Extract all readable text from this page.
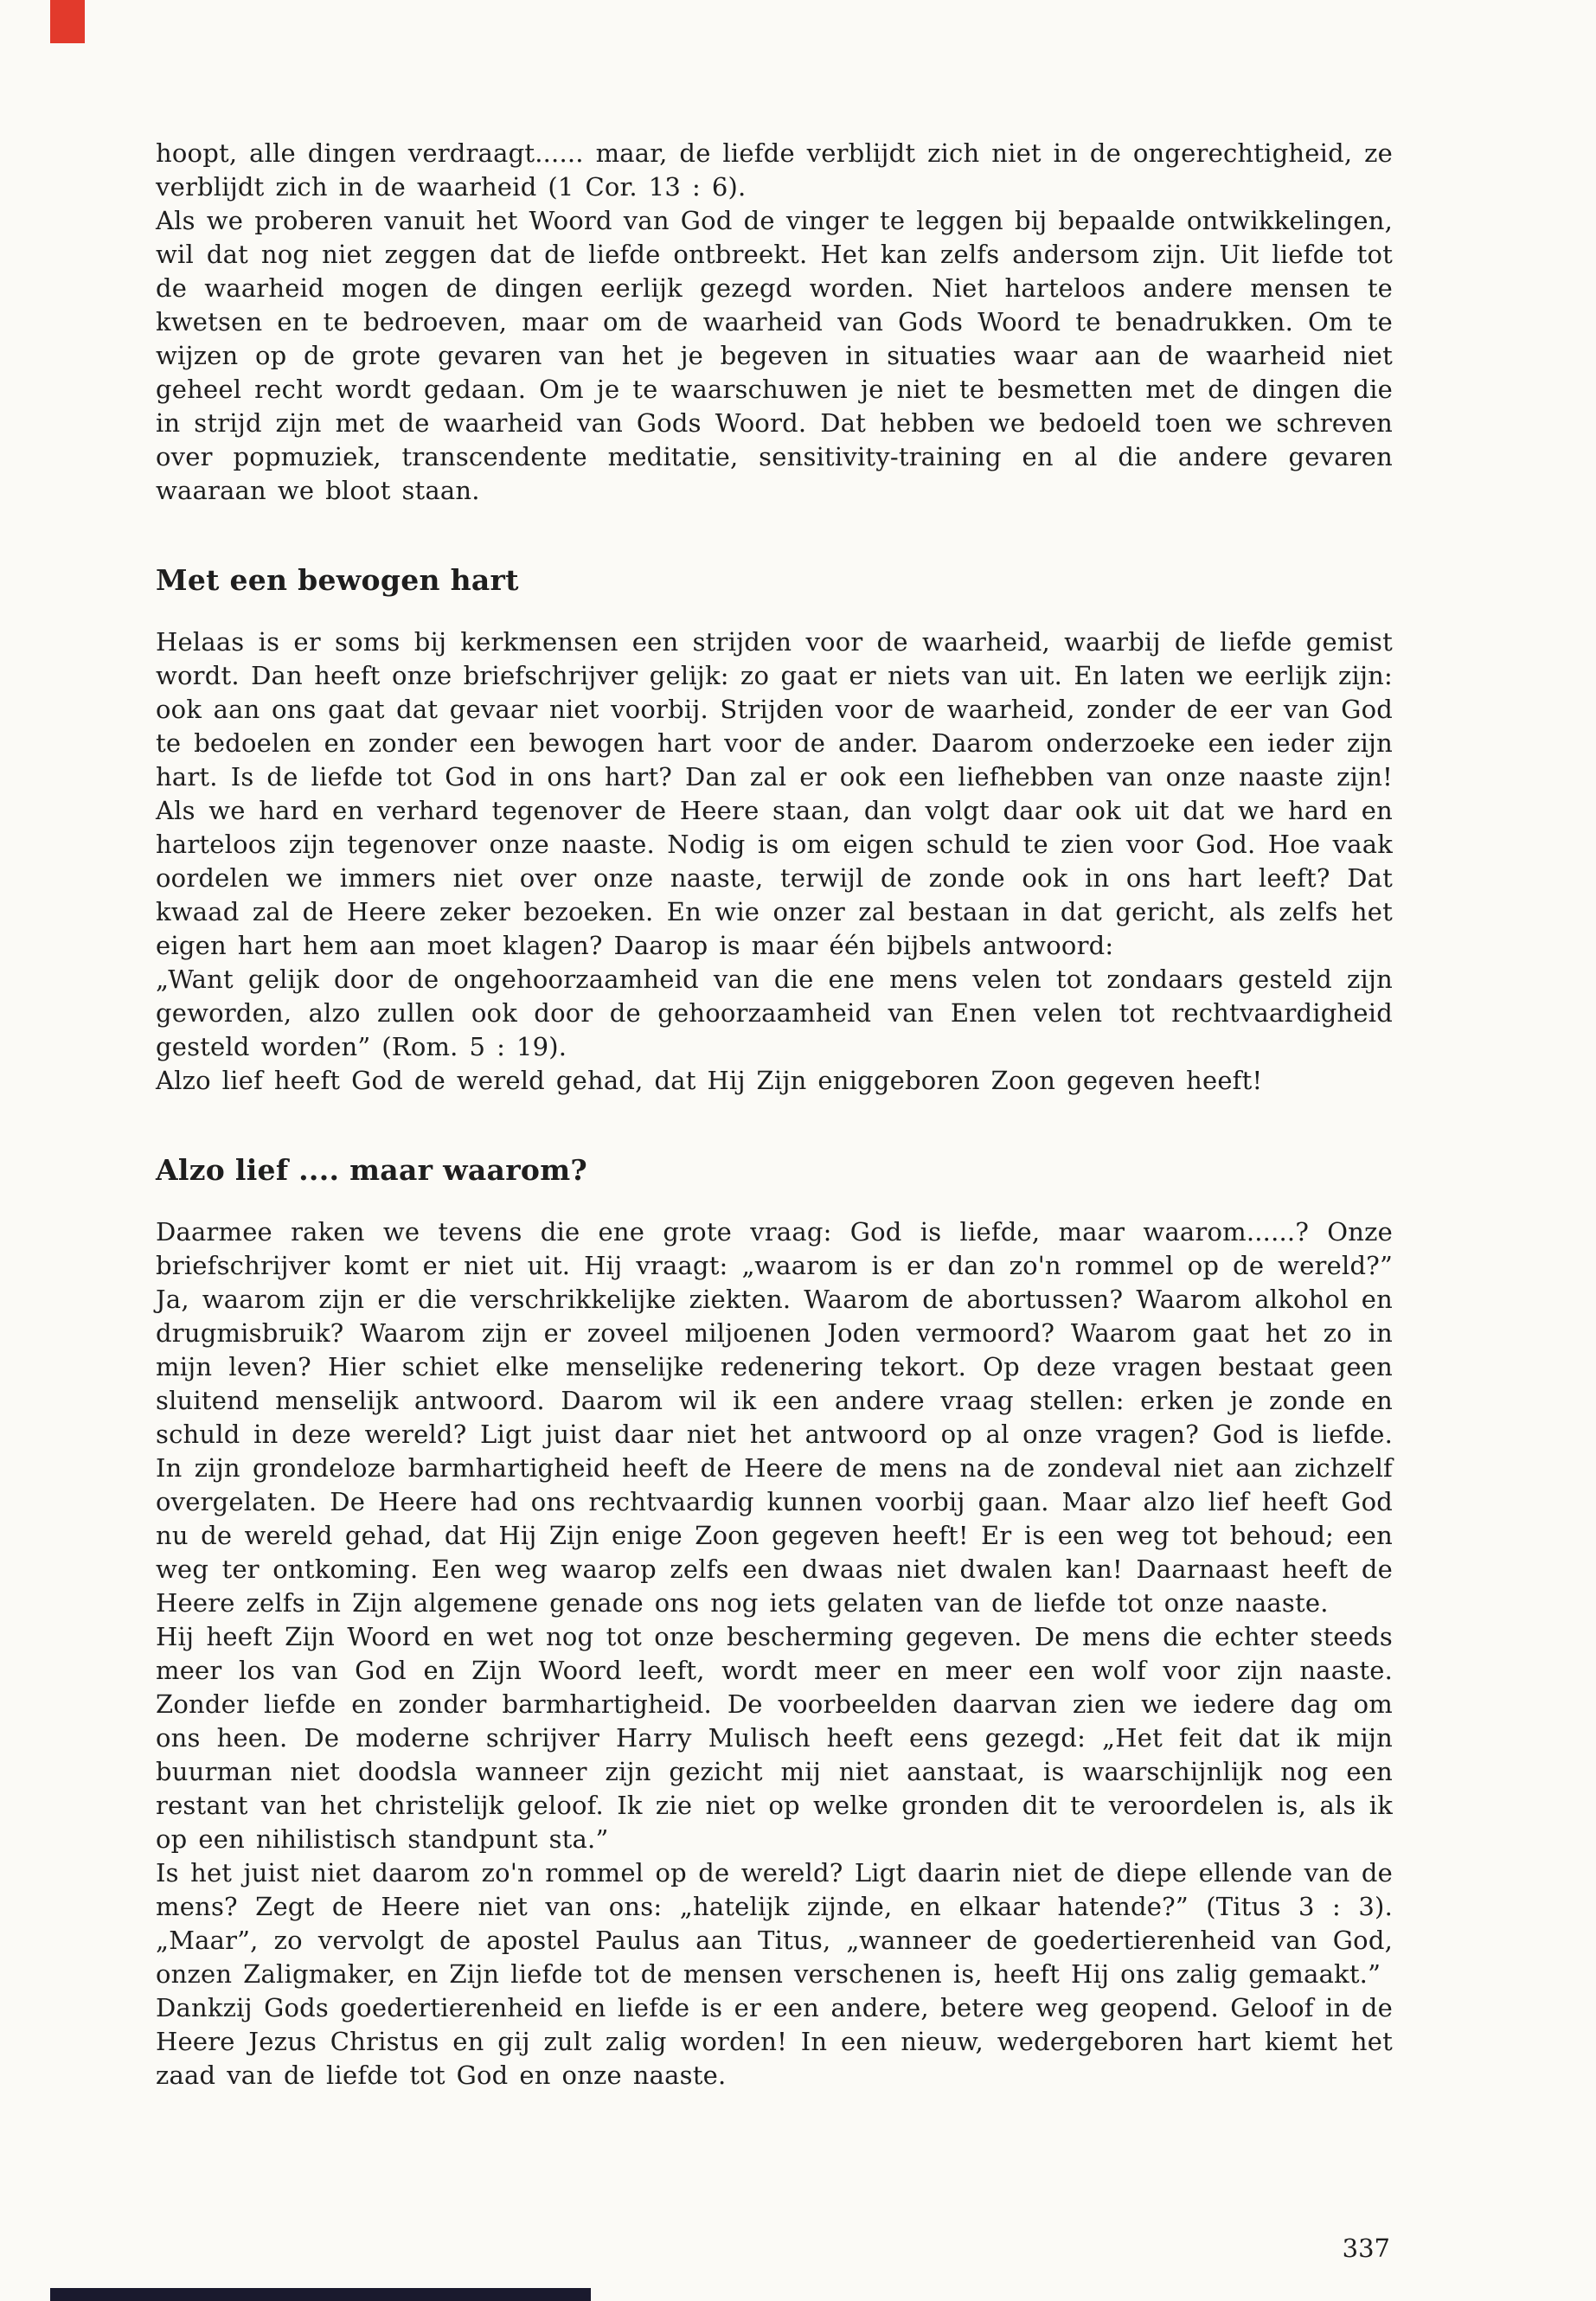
hoopt, alle dingen verdraagt...... maar, de liefde verblijdt zich niet in de ongerechtigheid, ze verblijdt zich in de waarheid (1 Cor. 13 : 6).

Als we proberen vanuit het Woord van God de vinger te leggen bij bepaalde ontwikkelingen, wil dat nog niet zeggen dat de liefde ontbreekt. Het kan zelfs andersom zijn. Uit liefde tot de waarheid mogen de dingen eerlijk gezegd worden. Niet harteloos andere mensen te kwetsen en te bedroeven, maar om de waarheid van Gods Woord te benadrukken. Om te wijzen op de grote gevaren van het je begeven in situaties waar aan de waarheid niet geheel recht wordt gedaan. Om je te waarschuwen je niet te besmetten met de dingen die in strijd zijn met de waarheid van Gods Woord. Dat hebben we bedoeld toen we schreven over popmuziek, transcendente meditatie, sensitivity-training en al die andere gevaren waaraan we bloot staan.

Met een bewogen hart

Helaas is er soms bij kerkmensen een strijden voor de waarheid, waarbij de liefde gemist wordt. Dan heeft onze briefschrijver gelijk: zo gaat er niets van uit. En laten we eerlijk zijn: ook aan ons gaat dat gevaar niet voorbij. Strijden voor de waarheid, zonder de eer van God te bedoelen en zonder een bewogen hart voor de ander. Daarom onderzoeke een ieder zijn hart. Is de liefde tot God in ons hart? Dan zal er ook een liefhebben van onze naaste zijn! Als we hard en verhard tegenover de Heere staan, dan volgt daar ook uit dat we hard en harteloos zijn tegenover onze naaste. Nodig is om eigen schuld te zien voor God. Hoe vaak oordelen we immers niet over onze naaste, terwijl de zonde ook in ons hart leeft? Dat kwaad zal de Heere zeker bezoeken. En wie onzer zal bestaan in dat gericht, als zelfs het eigen hart hem aan moet klagen? Daarop is maar één bijbels antwoord:

„Want gelijk door de ongehoorzaamheid van die ene mens velen tot zondaars gesteld zijn geworden, alzo zullen ook door de gehoorzaamheid van Enen velen tot rechtvaardigheid gesteld worden” (Rom. 5 : 19).

Alzo lief heeft God de wereld gehad, dat Hij Zijn eniggeboren Zoon gegeven heeft!

Alzo lief .... maar waarom?

Daarmee raken we tevens die ene grote vraag: God is liefde, maar waarom......? Onze briefschrijver komt er niet uit. Hij vraagt: „waarom is er dan zo'n rommel op de wereld?” Ja, waarom zijn er die verschrikkelijke ziekten. Waarom de abortussen? Waarom alkohol en drugmisbruik? Waarom zijn er zoveel miljoenen Joden vermoord? Waarom gaat het zo in mijn leven? Hier schiet elke menselijke redenering tekort. Op deze vragen bestaat geen sluitend menselijk antwoord. Daarom wil ik een andere vraag stellen: erken je zonde en schuld in deze wereld? Ligt juist daar niet het antwoord op al onze vragen? God is liefde. In zijn grondeloze barmhartigheid heeft de Heere de mens na de zondeval niet aan zichzelf overgelaten. De Heere had ons rechtvaardig kunnen voorbij gaan. Maar alzo lief heeft God nu de wereld gehad, dat Hij Zijn enige Zoon gegeven heeft! Er is een weg tot behoud; een weg ter ontkoming. Een weg waarop zelfs een dwaas niet dwalen kan! Daarnaast heeft de Heere zelfs in Zijn algemene genade ons nog iets gelaten van de liefde tot onze naaste.

Hij heeft Zijn Woord en wet nog tot onze bescherming gegeven. De mens die echter steeds meer los van God en Zijn Woord leeft, wordt meer en meer een wolf voor zijn naaste. Zonder liefde en zonder barmhartigheid. De voorbeelden daarvan zien we iedere dag om ons heen. De moderne schrijver Harry Mulisch heeft eens gezegd: „Het feit dat ik mijn buurman niet doodsla wanneer zijn gezicht mij niet aanstaat, is waarschijnlijk nog een restant van het christelijk geloof. Ik zie niet op welke gronden dit te veroordelen is, als ik op een nihilistisch standpunt sta.”

Is het juist niet daarom zo'n rommel op de wereld? Ligt daarin niet de diepe ellende van de mens? Zegt de Heere niet van ons: „hatelijk zijnde, en elkaar hatende?” (Titus 3 : 3). „Maar”, zo vervolgt de apostel Paulus aan Titus, „wanneer de goedertierenheid van God, onzen Zaligmaker, en Zijn liefde tot de mensen verschenen is, heeft Hij ons zalig gemaakt.”

Dankzij Gods goedertierenheid en liefde is er een andere, betere weg geopend. Geloof in de Heere Jezus Christus en gij zult zalig worden! In een nieuw, wedergeboren hart kiemt het zaad van de liefde tot God en onze naaste.

337
